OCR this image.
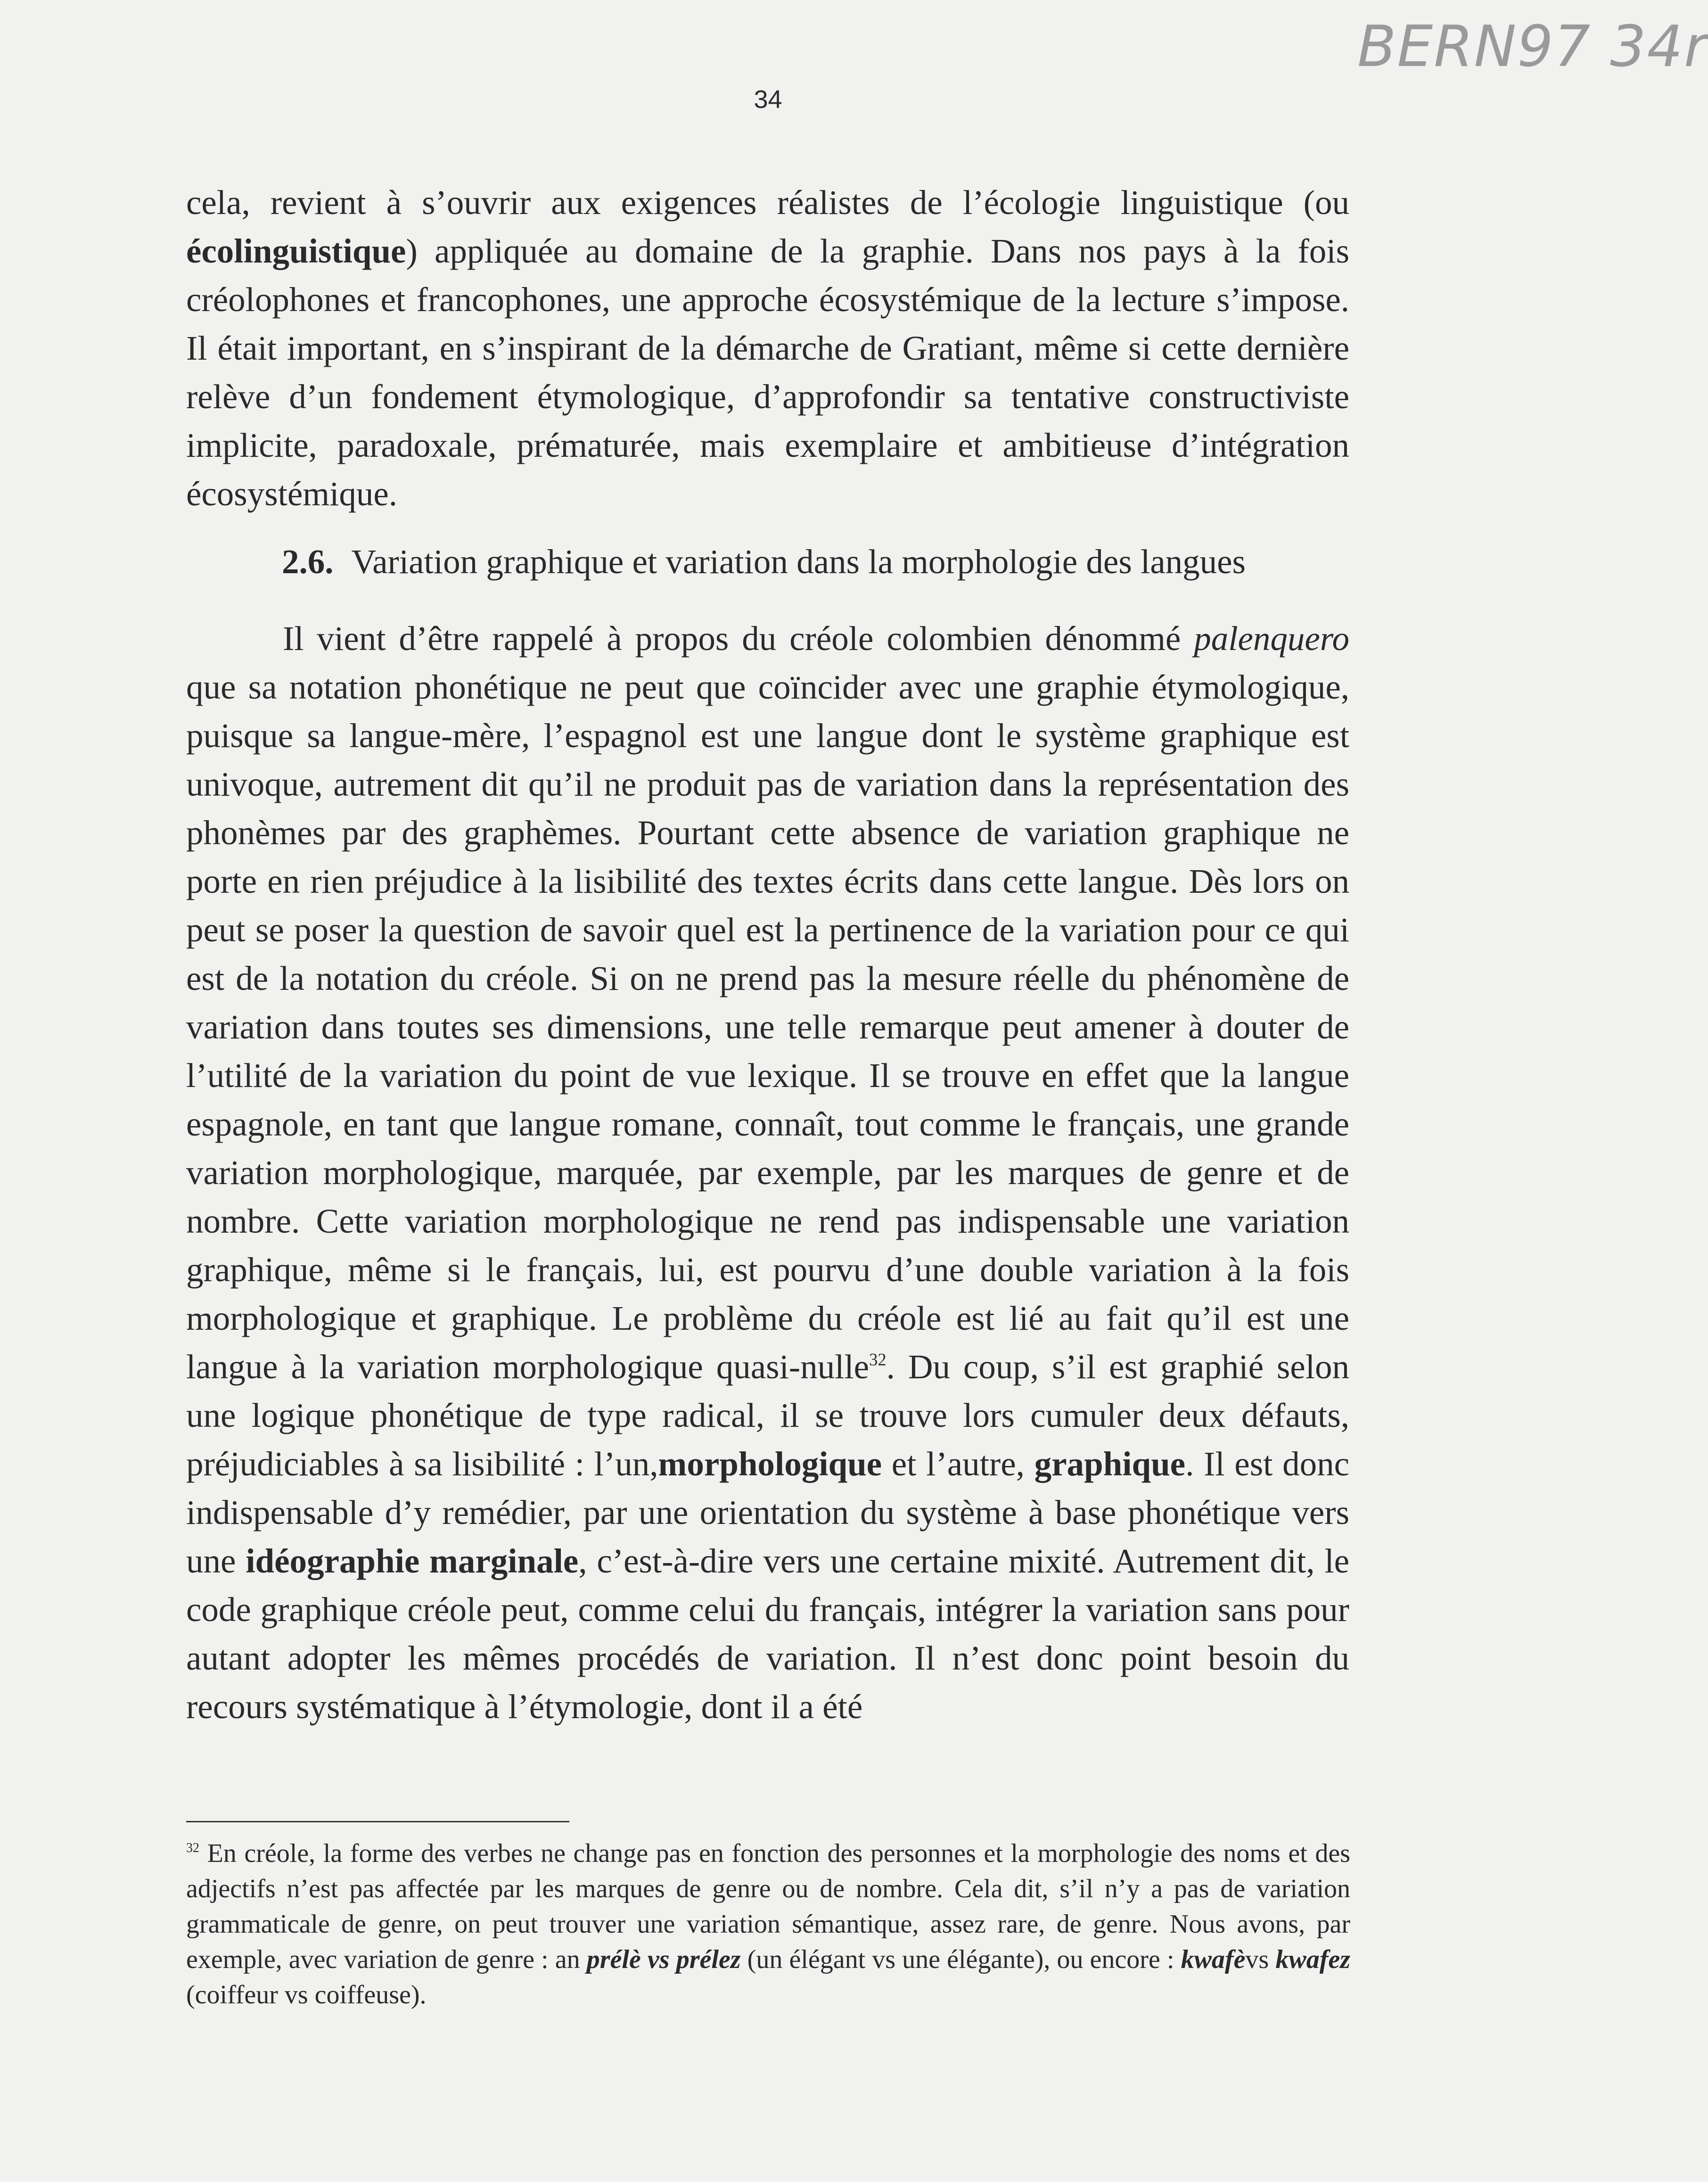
BERN97 34r
34

cela, revient à s’ouvrir aux exigences réalistes de l’écologie linguistique (ou écolinguistique) appliquée au domaine de la graphie. Dans nos pays à la fois créolophones et francophones, une approche écosystémique de la lecture s’impose. Il était important, en s’inspirant de la démarche de Gratiant, même si cette dernière relève d’un fondement étymologique, d’approfondir sa tentative constructiviste implicite, paradoxale, prématurée, mais exemplaire et ambitieuse d’intégration écosystémique.

2.6. Variation graphique et variation dans la morphologie des langues

Il vient d’être rappelé à propos du créole colombien dénommé palenquero que sa notation phonétique ne peut que coïncider avec une graphie étymologique, puisque sa langue-mère, l’espagnol est une langue dont le système graphique est univoque, autrement dit qu’il ne produit pas de variation dans la représentation des phonèmes par des graphèmes. Pourtant cette absence de variation graphique ne porte en rien préjudice à la lisibilité des textes écrits dans cette langue. Dès lors on peut se poser la question de savoir quel est la pertinence de la variation pour ce qui est de la notation du créole. Si on ne prend pas la mesure réelle du phénomène de variation dans toutes ses dimensions, une telle remarque peut amener à douter de l’utilité de la variation du point de vue lexique. Il se trouve en effet que la langue espagnole, en tant que langue romane, connaît, tout comme le français, une grande variation morphologique, marquée, par exemple, par les marques de genre et de nombre. Cette variation morphologique ne rend pas indispensable une variation graphique, même si le français, lui, est pourvu d’une double variation à la fois morphologique et graphique. Le problème du créole est lié au fait qu’il est une langue à la variation morphologique quasi-nulle$^{32}$. Du coup, s’il est graphié selon une logique phonétique de type radical, il se trouve lors cumuler deux défauts, préjudiciables à sa lisibilité : l’un,morphologique et l’autre, graphique. Il est donc indispensable d’y remédier, par une orientation du système à base phonétique vers une idéographie marginale, c’est-à-dire vers une certaine mixité. Autrement dit, le code graphique créole peut, comme celui du français, intégrer la variation sans pour autant adopter les mêmes procédés de variation. Il n’est donc point besoin du recours systématique à l’étymologie, dont il a été

$^{32}$ En créole, la forme des verbes ne change pas en fonction des personnes et la morphologie des noms et des adjectifs n’est pas affectée par les marques de genre ou de nombre. Cela dit, s’il n’y a pas de variation grammaticale de genre, on peut trouver une variation sémantique, assez rare, de genre. Nous avons, par exemple, avec variation de genre : an prélè vs prélez (un élégant vs une élégante), ou encore : kwafèvs kwafez (coiffeur vs coiffeuse).
